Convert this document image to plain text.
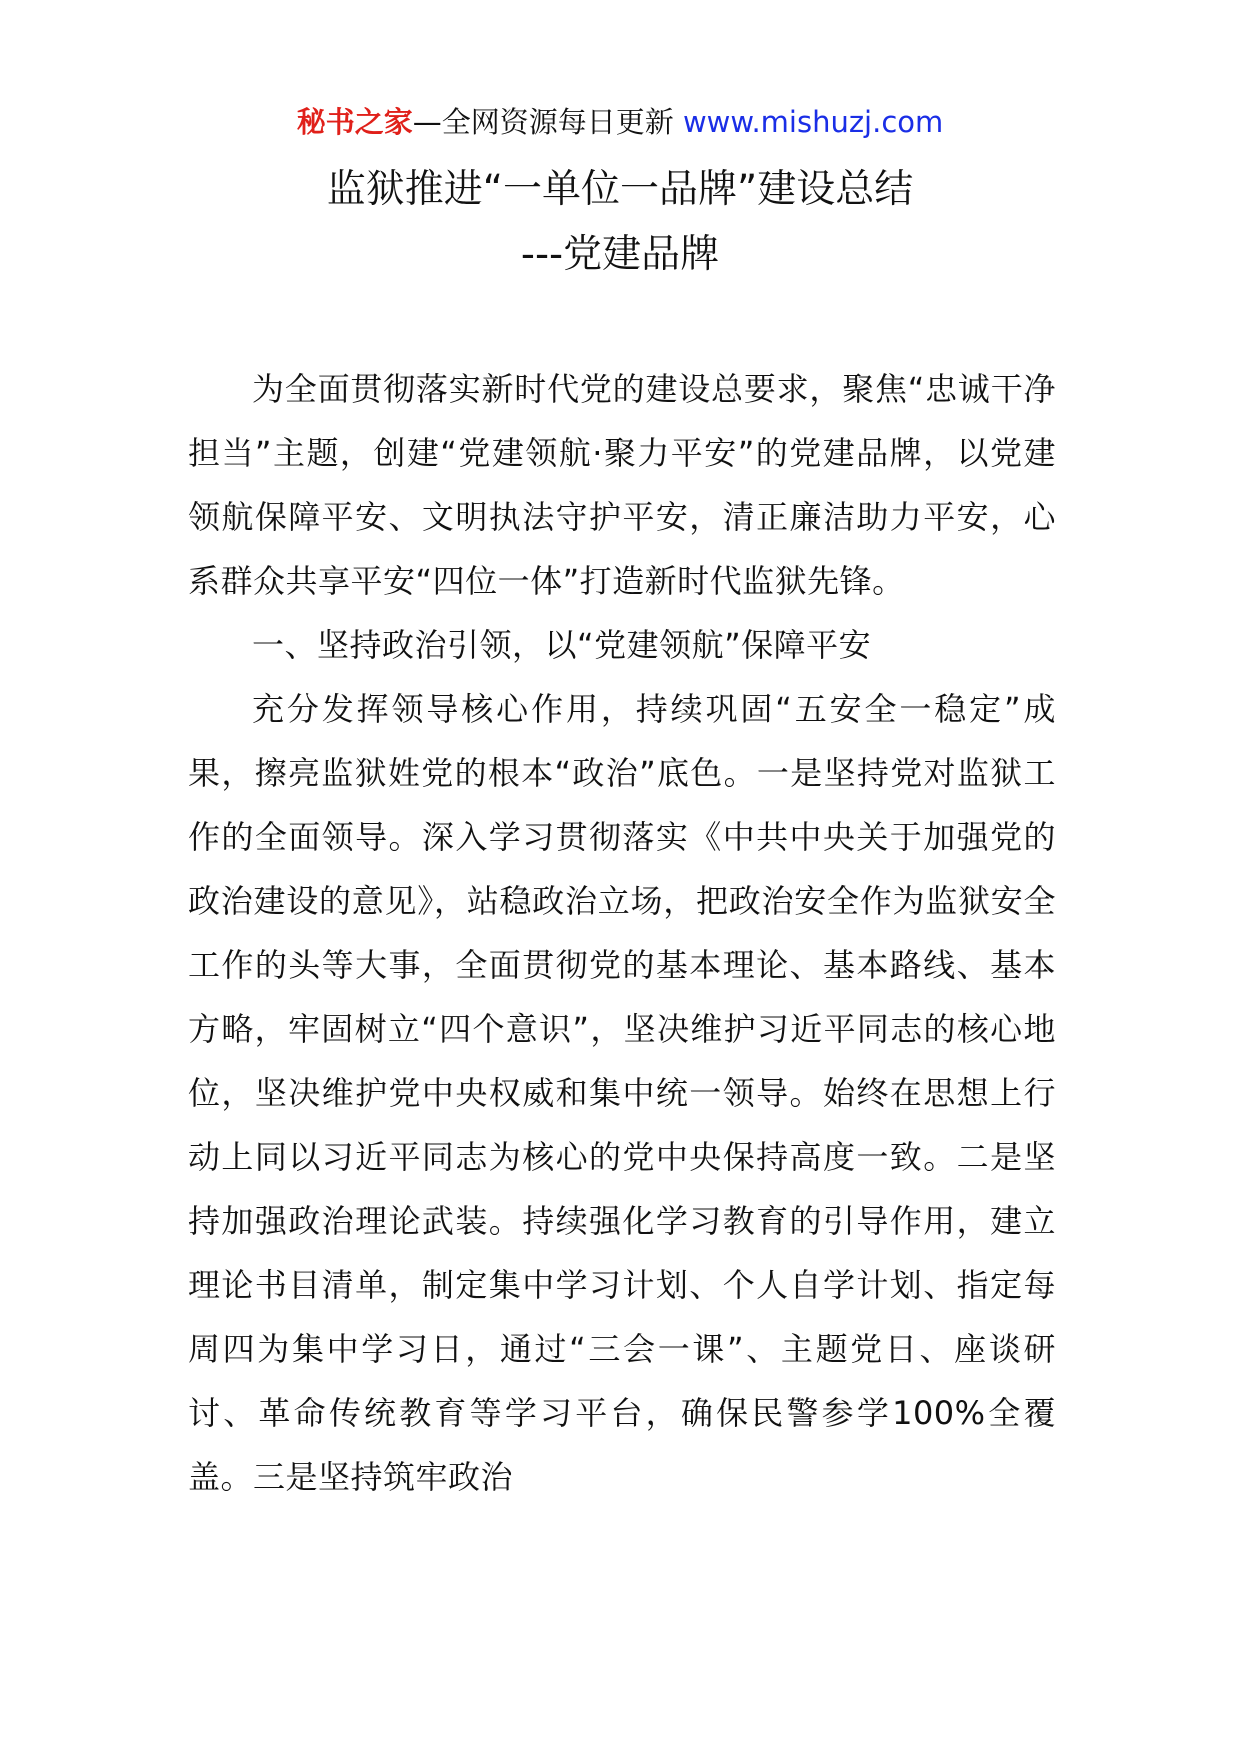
秘书之家—全网资源每日更新 www.mishuzj.com
监狱推进“一单位一品牌”建设总结
---党建品牌

为全面贯彻落实新时代党的建设总要求，聚焦“忠诚干净担当”主题，创建“党建领航·聚力平安”的党建品牌，以党建领航保障平安、文明执法守护平安，清正廉洁助力平安，心系群众共享平安“四位一体”打造新时代监狱先锋。

一、坚持政治引领，以“党建领航”保障平安

充分发挥领导核心作用，持续巩固“五安全一稳定”成果，擦亮监狱姓党的根本“政治”底色。一是坚持党对监狱工作的全面领导。深入学习贯彻落实《中共中央关于加强党的政治建设的意见》，站稳政治立场，把政治安全作为监狱安全工作的头等大事，全面贯彻党的基本理论、基本路线、基本方略，牢固树立“四个意识”，坚决维护习近平同志的核心地位，坚决维护党中央权威和集中统一领导。始终在思想上行动上同以习近平同志为核心的党中央保持高度一致。二是坚持加强政治理论武装。持续强化学习教育的引导作用，建立理论书目清单，制定集中学习计划、个人自学计划、指定每周四为集中学习日，通过“三会一课”、主题党日、座谈研讨、革命传统教育等学习平台，确保民警参学100%全覆盖。三是坚持筑牢政治
